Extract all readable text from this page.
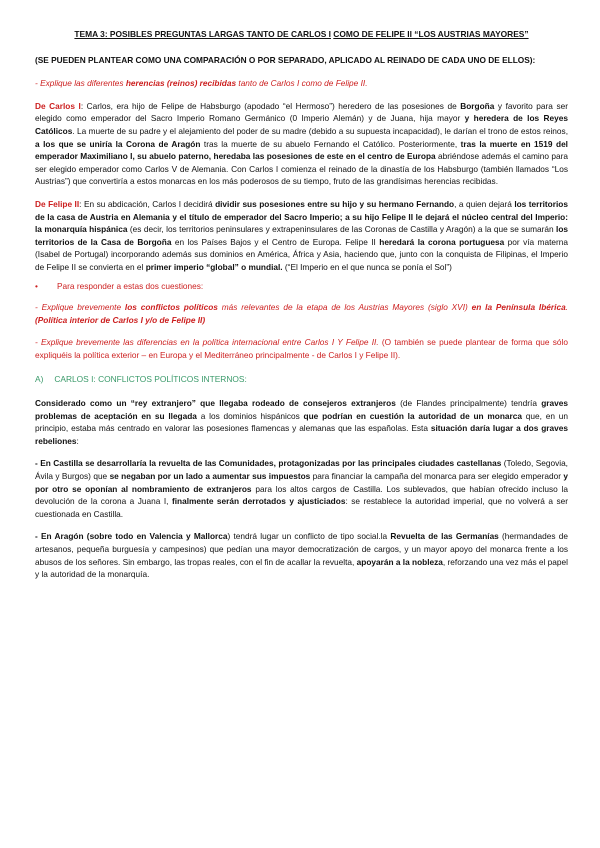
TEMA 3: POSIBLES PREGUNTAS LARGAS TANTO DE CARLOS I COMO DE FELIPE II “LOS AUSTRIAS MAYORES”

(SE PUEDEN PLANTEAR COMO UNA COMPARACIÓN O POR SEPARADO, APLICADO AL REINADO DE CADA UNO DE ELLOS):

- Explique las diferentes herencias (reinos) recibidas tanto de Carlos I como de Felipe II.

De Carlos I: Carlos, era hijo de Felipe de Habsburgo (apodado “el Hermoso”) heredero de las posesiones de Borgoña y favorito para ser elegido como emperador del Sacro Imperio Romano Germánico (0 Imperio Alemán) y de Juana, hija mayor y heredera de los Reyes Católicos. La muerte de su padre y el alejamiento del poder de su madre (debido a su supuesta incapacidad), le darían el trono de estos reinos, a los que se uniría la Corona de Aragón tras la muerte de su abuelo Fernando el Católico. Posteriormente, tras la muerte en 1519 del emperador Maximiliano I, su abuelo paterno, heredaba las posesiones de este en el centro de Europa abriéndose además el camino para ser elegido emperador como Carlos V de Alemania. Con Carlos I comienza el reinado de la dinastía de los Habsburgo (también llamados “Los Austrias”) que convertiría a estos monarcas en los más poderosos de su tiempo, fruto de las grandísimas herencias recibidas.

De Felipe II: En su abdicación, Carlos I decidirá dividir sus posesiones entre su hijo y su hermano Fernando, a quien dejará los territorios de la casa de Austria en Alemania y el título de emperador del Sacro Imperio; a su hijo Felipe II le dejará el núcleo central del Imperio: la monarquía hispánica (es decir, los territorios peninsulares y extrapeninsulares de las Coronas de Castilla y Aragón) a la que se sumarán los territorios de la Casa de Borgoña en los Países Bajos y el Centro de Europa. Felipe II heredará la corona portuguesa por vía materna (Isabel de Portugal) incorporando además sus dominios en América, África y Asia, haciendo que, junto con la conquista de Filipinas, el Imperio de Felipe II se convierta en el primer imperio “global” o mundial. (“El Imperio en el que nunca se ponía el Sol”)

• Para responder a estas dos cuestiones:

- Explique brevemente los conflictos políticos más relevantes de la etapa de los Austrias Mayores (siglo XVI) en la Península Ibérica. (Política interior de Carlos I y/o de Felipe II)

- Explique brevemente las diferencias en la política internacional entre Carlos I Y Felipe II. (O también se puede plantear de forma que sólo expliquéis la política exterior – en Europa y el Mediterráneo principalmente - de Carlos I y Felipe II).

A) CARLOS I: CONFLICTOS POLÍTICOS INTERNOS:

Considerado como un “rey extranjero” que llegaba rodeado de consejeros extranjeros (de Flandes principalmente) tendría graves problemas de aceptación en su llegada a los dominios hispánicos que podrían en cuestión la autoridad de un monarca que, en un principio, estaba más centrado en valorar las posesiones flamencas y alemanas que las españolas. Esta situación daría lugar a dos graves rebeliones:

- En Castilla se desarrollaría la revuelta de las Comunidades, protagonizadas por las principales ciudades castellanas (Toledo, Segovia, Ávila y Burgos) que se negaban por un lado a aumentar sus impuestos para financiar la campaña del monarca para ser elegido emperador y por otro se oponían al nombramiento de extranjeros para los altos cargos de Castilla. Los sublevados, que habían ofrecido incluso la devolución de la corona a Juana I, finalmente serán derrotados y ajusticiados: se restablece la autoridad imperial, que no volverá a ser cuestionada en Castilla.

- En Aragón (sobre todo en Valencia y Mallorca) tendrá lugar un conflicto de tipo social.la Revuelta de las Germanías (hermandades de artesanos, pequeña burguesía y campesinos) que pedían una mayor democratización de cargos, y un mayor apoyo del monarca frente a los abusos de los señores. Sin embargo, las tropas reales, con el fin de acallar la revuelta, apoyarán a la nobleza, reforzando una vez más el papel y la autoridad de la monarquía.
